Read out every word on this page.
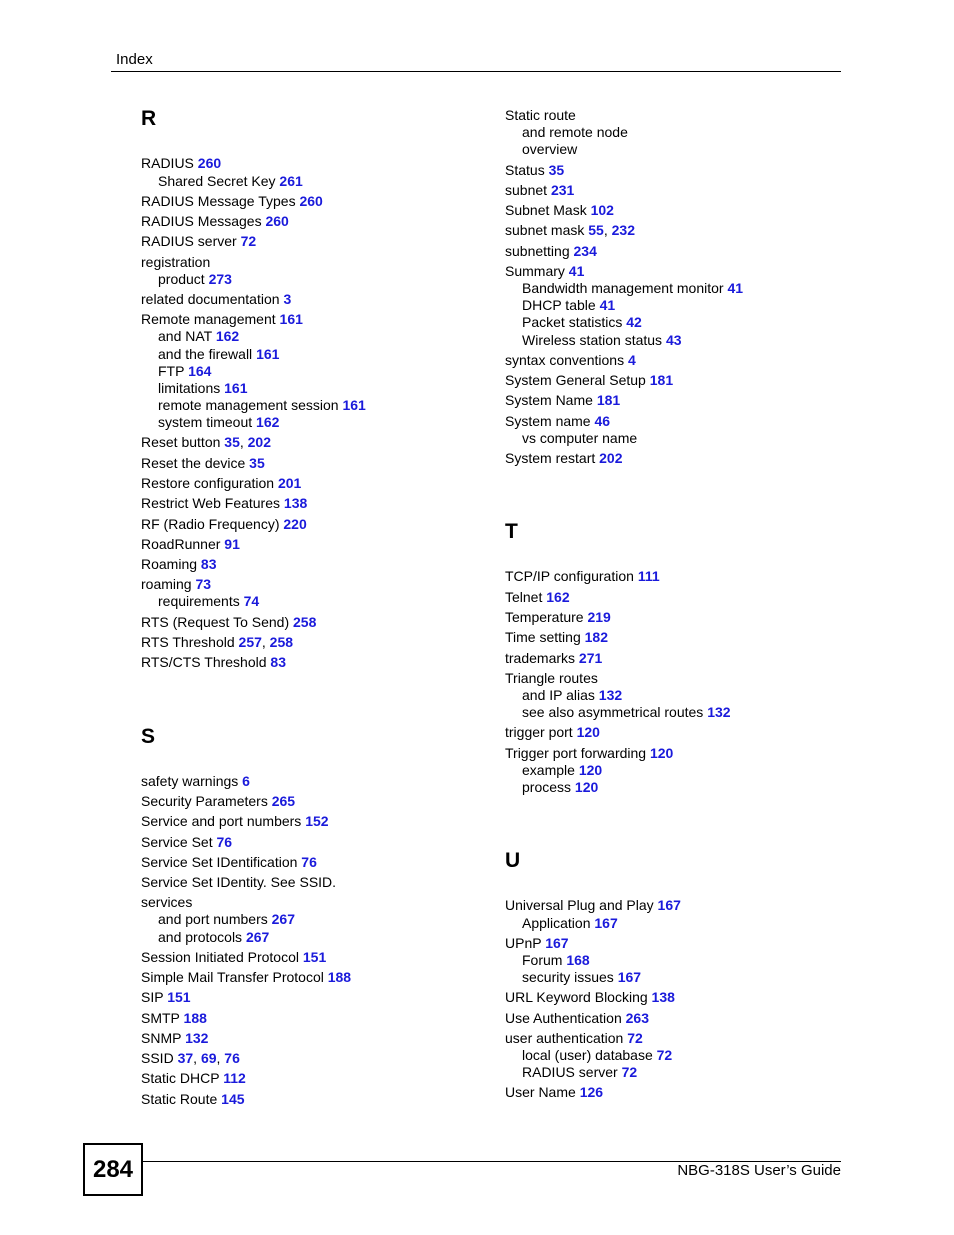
Index
R
S
RADIUS 260
Shared Secret Key 261
RADIUS Message Types 260
RADIUS Messages 260
RADIUS server 72
registration
product 273
related documentation 3
Remote management 161
and NAT 162
and the firewall 161
FTP 164
limitations 161
remote management session 161
system timeout 162
Reset button 35, 202
Reset the device 35
Restore configuration 201
Restrict Web Features 138
RF (Radio Frequency) 220
RoadRunner 91
Roaming 83
roaming 73
requirements 74
RTS (Request To Send) 258
RTS Threshold 257, 258
RTS/CTS Threshold 83
safety warnings 6
Security Parameters 265
Service and port numbers 152
Service Set 76
Service Set IDentification 76
Service Set IDentity. See SSID.
services
and port numbers 267
and protocols 267
Session Initiated Protocol 151
Simple Mail Transfer Protocol 188
SIP 151
SMTP 188
SNMP 132
SSID 37, 69, 76
Static DHCP 112
Static Route 145
T
U
Static route
and remote node
overview
Status 35
subnet 231
Subnet Mask 102
subnet mask 55, 232
subnetting 234
Summary 41
Bandwidth management monitor 41
DHCP table 41
Packet statistics 42
Wireless station status 43
syntax conventions 4
System General Setup 181
System Name 181
System name 46
vs computer name
System restart 202
TCP/IP configuration 111
Telnet 162
Temperature 219
Time setting 182
trademarks 271
Triangle routes
and IP alias 132
see also asymmetrical routes 132
trigger port 120
Trigger port forwarding 120
example 120
process 120
Universal Plug and Play 167
Application 167
UPnP 167
Forum 168
security issues 167
URL Keyword Blocking 138
Use Authentication 263
user authentication 72
local (user) database 72
RADIUS server 72
User Name 126
284	NBG-318S User’s Guide
